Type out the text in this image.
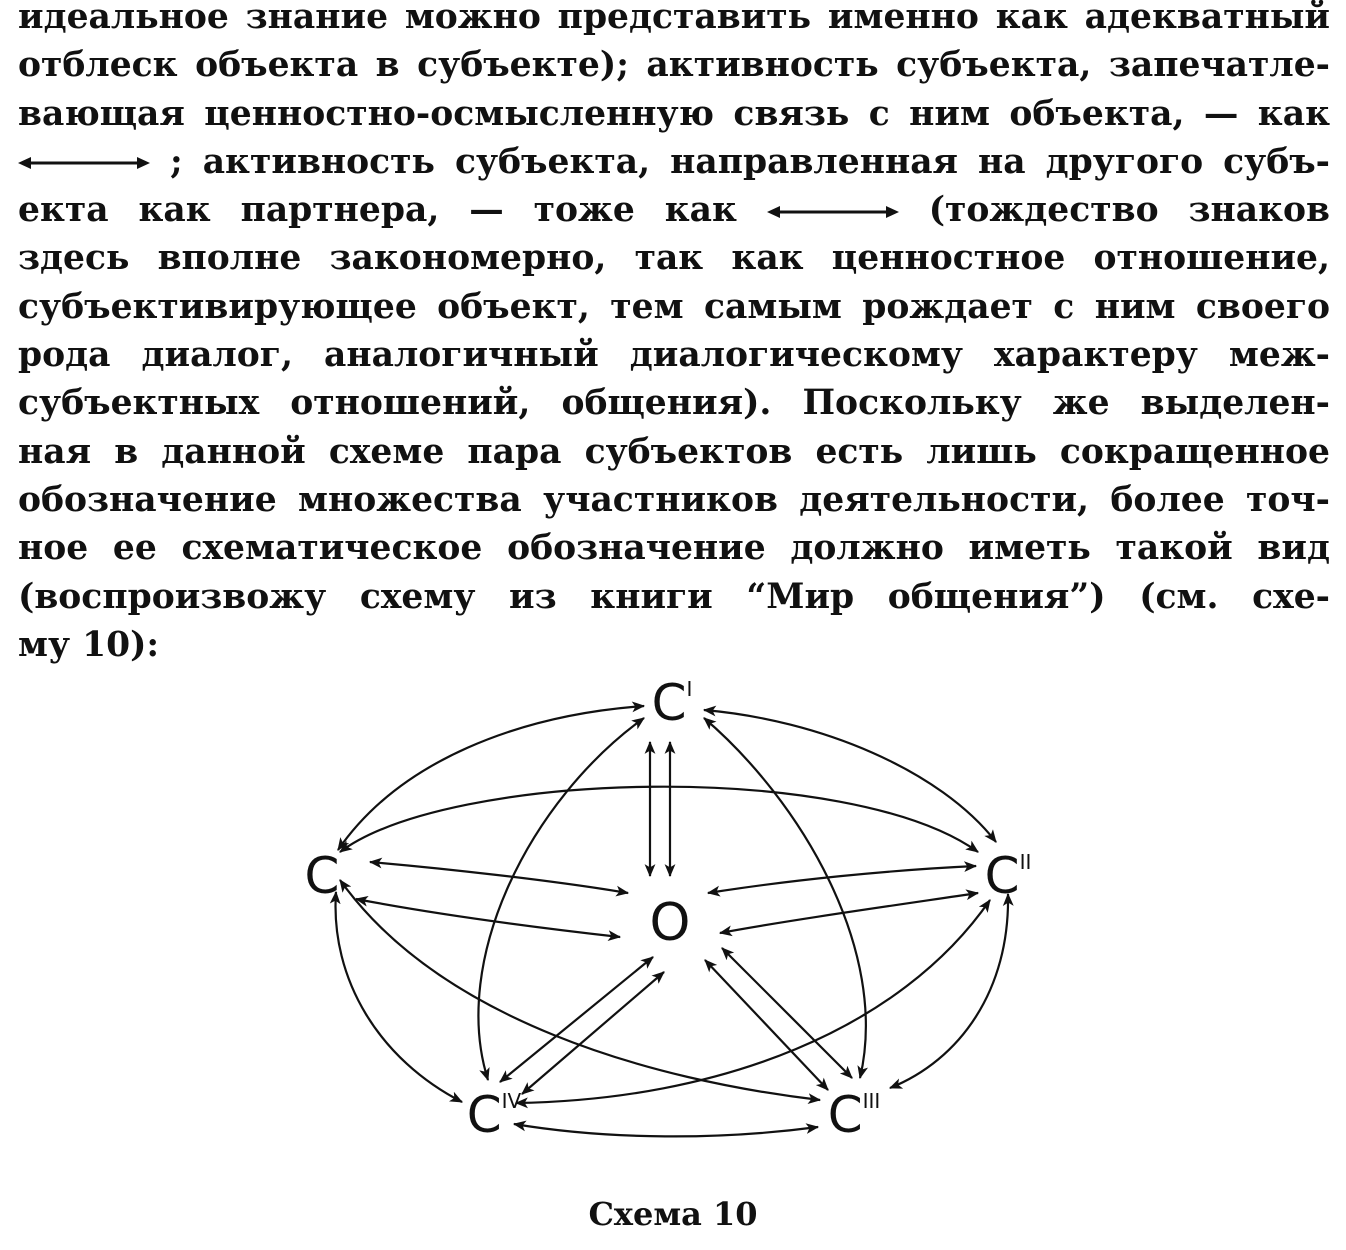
идеальное знание можно представить именно как адекватный
отблеск объекта в субъекте); активность субъекта, запечатле-
вающая ценностно-осмысленную связь с ним объекта, — как
; активность субъекта, направленная на другого субъ-
екта как партнера, — тоже как	(тождество знаков
здесь вполне закономерно, так как ценностное отношение,
субъективирующее объект, тем самым рождает с ним своего
рода диалог, аналогичный диалогическому характеру меж-
субъектных отношений, общения). Поскольку же выделен-
ная в данной схеме пара субъектов есть лишь сокращенное
обозначение множества участников деятельности, более точ-
ное ее схематическое обозначение должно иметь такой вид
(воспроизвожу схему из книги “Мир общения”) (см. схе-
му 10):
O
CI
C	CII
CIII
CIV
Схема 10
